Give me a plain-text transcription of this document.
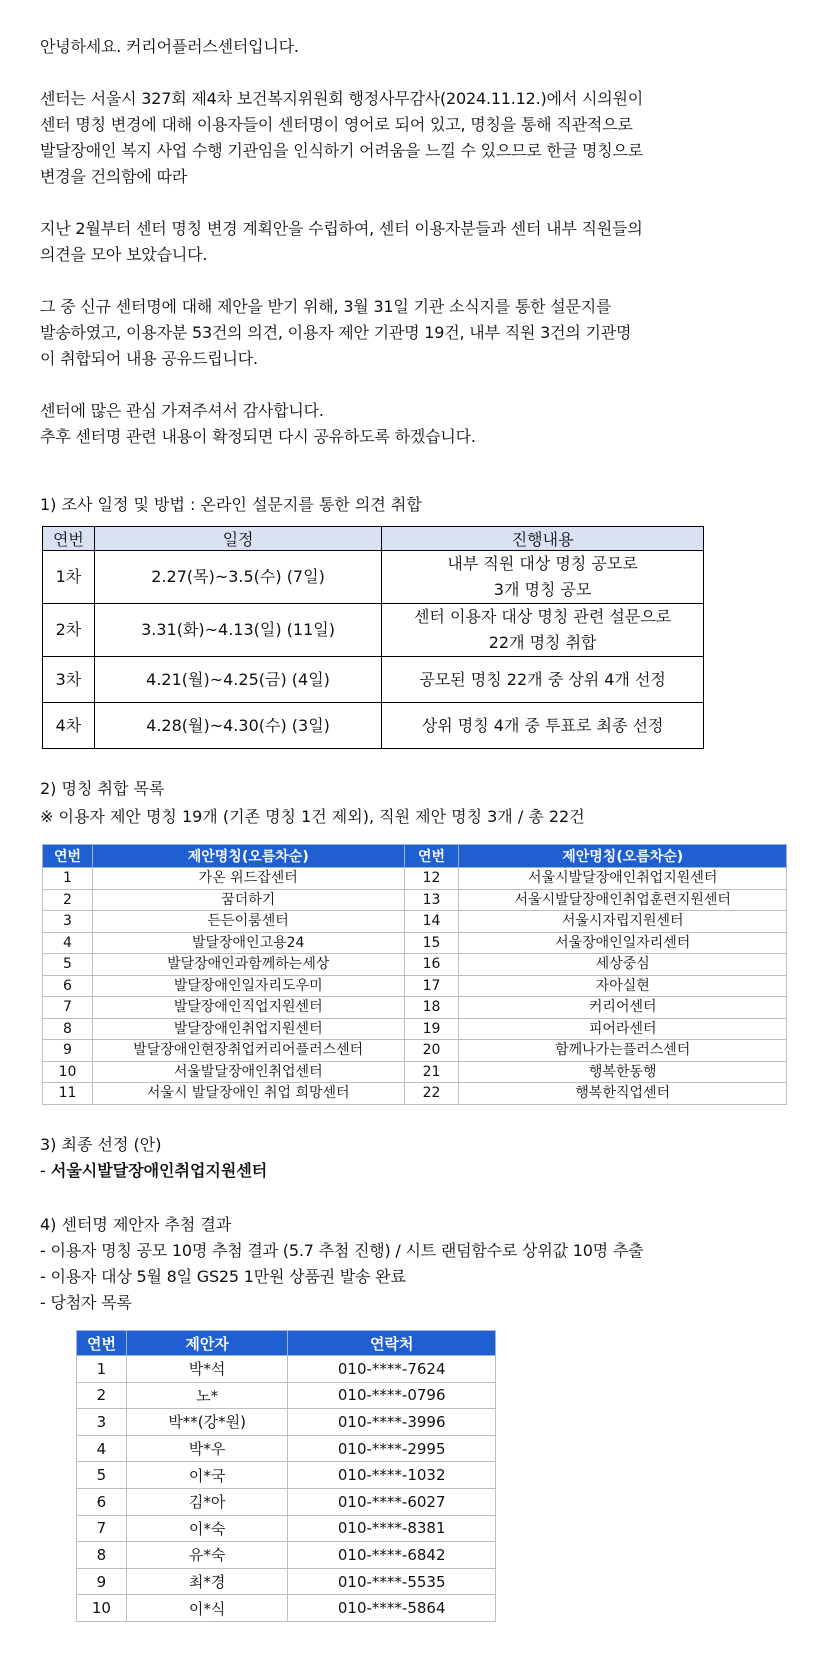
안녕하세요. 커리어플러스센터입니다.

센터는 서울시 327회 제4차 보건복지위원회 행정사무감사(2024.11.12.)에서 시의원이
센터 명칭 변경에 대해 이용자들이 센터명이 영어로 되어 있고, 명칭을 통해 직관적으로
발달장애인 복지 사업 수행 기관임을 인식하기 어려움을 느낄 수 있으므로 한글 명칭으로
변경을 건의함에 따라

지난 2월부터 센터 명칭 변경 계획안을 수립하여, 센터 이용자분들과 센터 내부 직원들의
의견을 모아 보았습니다.

그 중 신규 센터명에 대해 제안을 받기 위해, 3월 31일 기관 소식지를 통한 설문지를
발송하였고, 이용자분 53건의 의견, 이용자 제안 기관명 19건, 내부 직원 3건의 기관명
이 취합되어 내용 공유드립니다.

센터에 많은 관심 가져주셔서 감사합니다.
추후 센터명 관련 내용이 확정되면 다시 공유하도록 하겠습니다.

1) 조사 일정 및 방법 : 온라인 설문지를 통한 의견 취합

연번	일정	진행내용
1차	2.27(목)~3.5(수) (7일)	내부 직원 대상 명칭 공모로
3개 명칭 공모

2차	3.31(화)~4.13(일) (11일)	센터 이용자 대상 명칭 관련 설문으로
22개 명칭 취합

3차	4.21(월)~4.25(금) (4일)	공모된 명칭 22개 중 상위 4개 선정
4차	4.28(월)~4.30(수) (3일)	상위 명칭 4개 중 투표로 최종 선정

2) 명칭 취합 목록

※ 이용자 제안 명칭 19개 (기존 명칭 1건 제외), 직원 제안 명칭 3개 / 총 22건

연번	제안명칭(오름차순)	연번	제안명칭(오름차순)
1	가온 위드잡센터	12	서울시발달장애인취업지원센터
2	꿈더하기	13	서울시발달장애인취업훈련지원센터
3	든든이룸센터	14	서울시자립지원센터
4	발달장애인고용24	15	서울장애인일자리센터
5	발달장애인과함께하는세상	16	세상중심
6	발달장애인일자리도우미	17	자아실현
7	발달장애인직업지원센터	18	커리어센터
8	발달장애인취업지원센터	19	피어라센터
9	발달장애인현장취업커리어플러스센터	20	함께나가는플러스센터
10	서울발달장애인취업센터	21	행복한동행
11	서울시 발달장애인 취업 희망센터	22	행복한직업센터

3) 최종 선정 (안)

- 서울시발달장애인취업지원센터

4) 센터명 제안자 추첨 결과

- 이용자 명칭 공모 10명 추첨 결과 (5.7 추첨 진행) / 시트 랜덤함수로 상위값 10명 추출
- 이용자 대상 5월 8일 GS25 1만원 상품권 발송 완료
- 당첨자 목록

연번	제안자	연락처
1	박*석	010-****-7624
2	노*	010-****-0796
3	박**(강*원)	010-****-3996
4	박*우	010-****-2995
5	이*국	010-****-1032
6	김*아	010-****-6027
7	이*숙	010-****-8381
8	유*숙	010-****-6842
9	최*경	010-****-5535
10	이*식	010-****-5864
